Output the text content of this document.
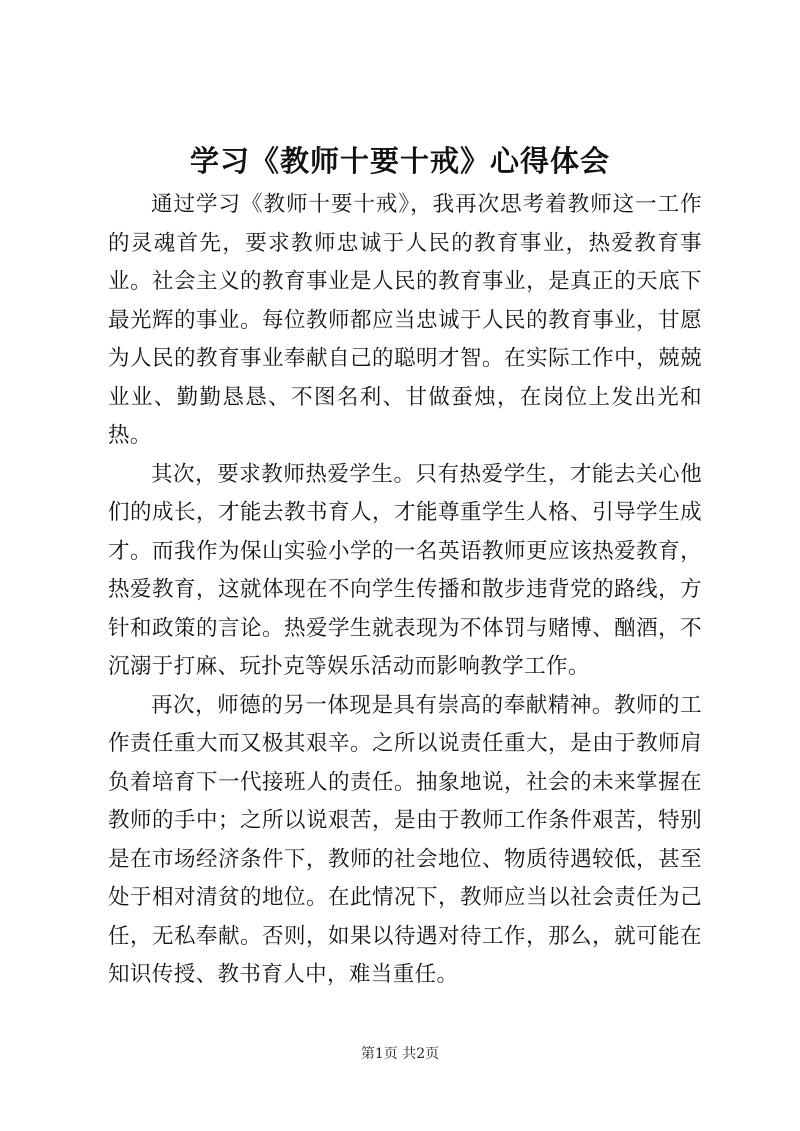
学习《教师十要十戒》心得体会

通过学习《教师十要十戒》，我再次思考着教师这一工作的灵魂首先，要求教师忠诚于人民的教育事业，热爱教育事业。社会主义的教育事业是人民的教育事业，是真正的天底下最光辉的事业。每位教师都应当忠诚于人民的教育事业，甘愿为人民的教育事业奉献自己的聪明才智。在实际工作中，兢兢业业、勤勤恳恳、不图名利、甘做蚕烛，在岗位上发出光和热。

其次，要求教师热爱学生。只有热爱学生，才能去关心他们的成长，才能去教书育人，才能尊重学生人格、引导学生成才。而我作为保山实验小学的一名英语教师更应该热爱教育，热爱教育，这就体现在不向学生传播和散步违背党的路线，方针和政策的言论。热爱学生就表现为不体罚与赌博、酗酒，不沉溺于打麻、玩扑克等娱乐活动而影响教学工作。

再次，师德的另一体现是具有崇高的奉献精神。教师的工作责任重大而又极其艰辛。之所以说责任重大，是由于教师肩负着培育下一代接班人的责任。抽象地说，社会的未来掌握在教师的手中；之所以说艰苦，是由于教师工作条件艰苦，特别是在市场经济条件下，教师的社会地位、物质待遇较低，甚至处于相对清贫的地位。在此情况下，教师应当以社会责任为己任，无私奉献。否则，如果以待遇对待工作，那么，就可能在知识传授、教书育人中，难当重任。

第1页 共2页
